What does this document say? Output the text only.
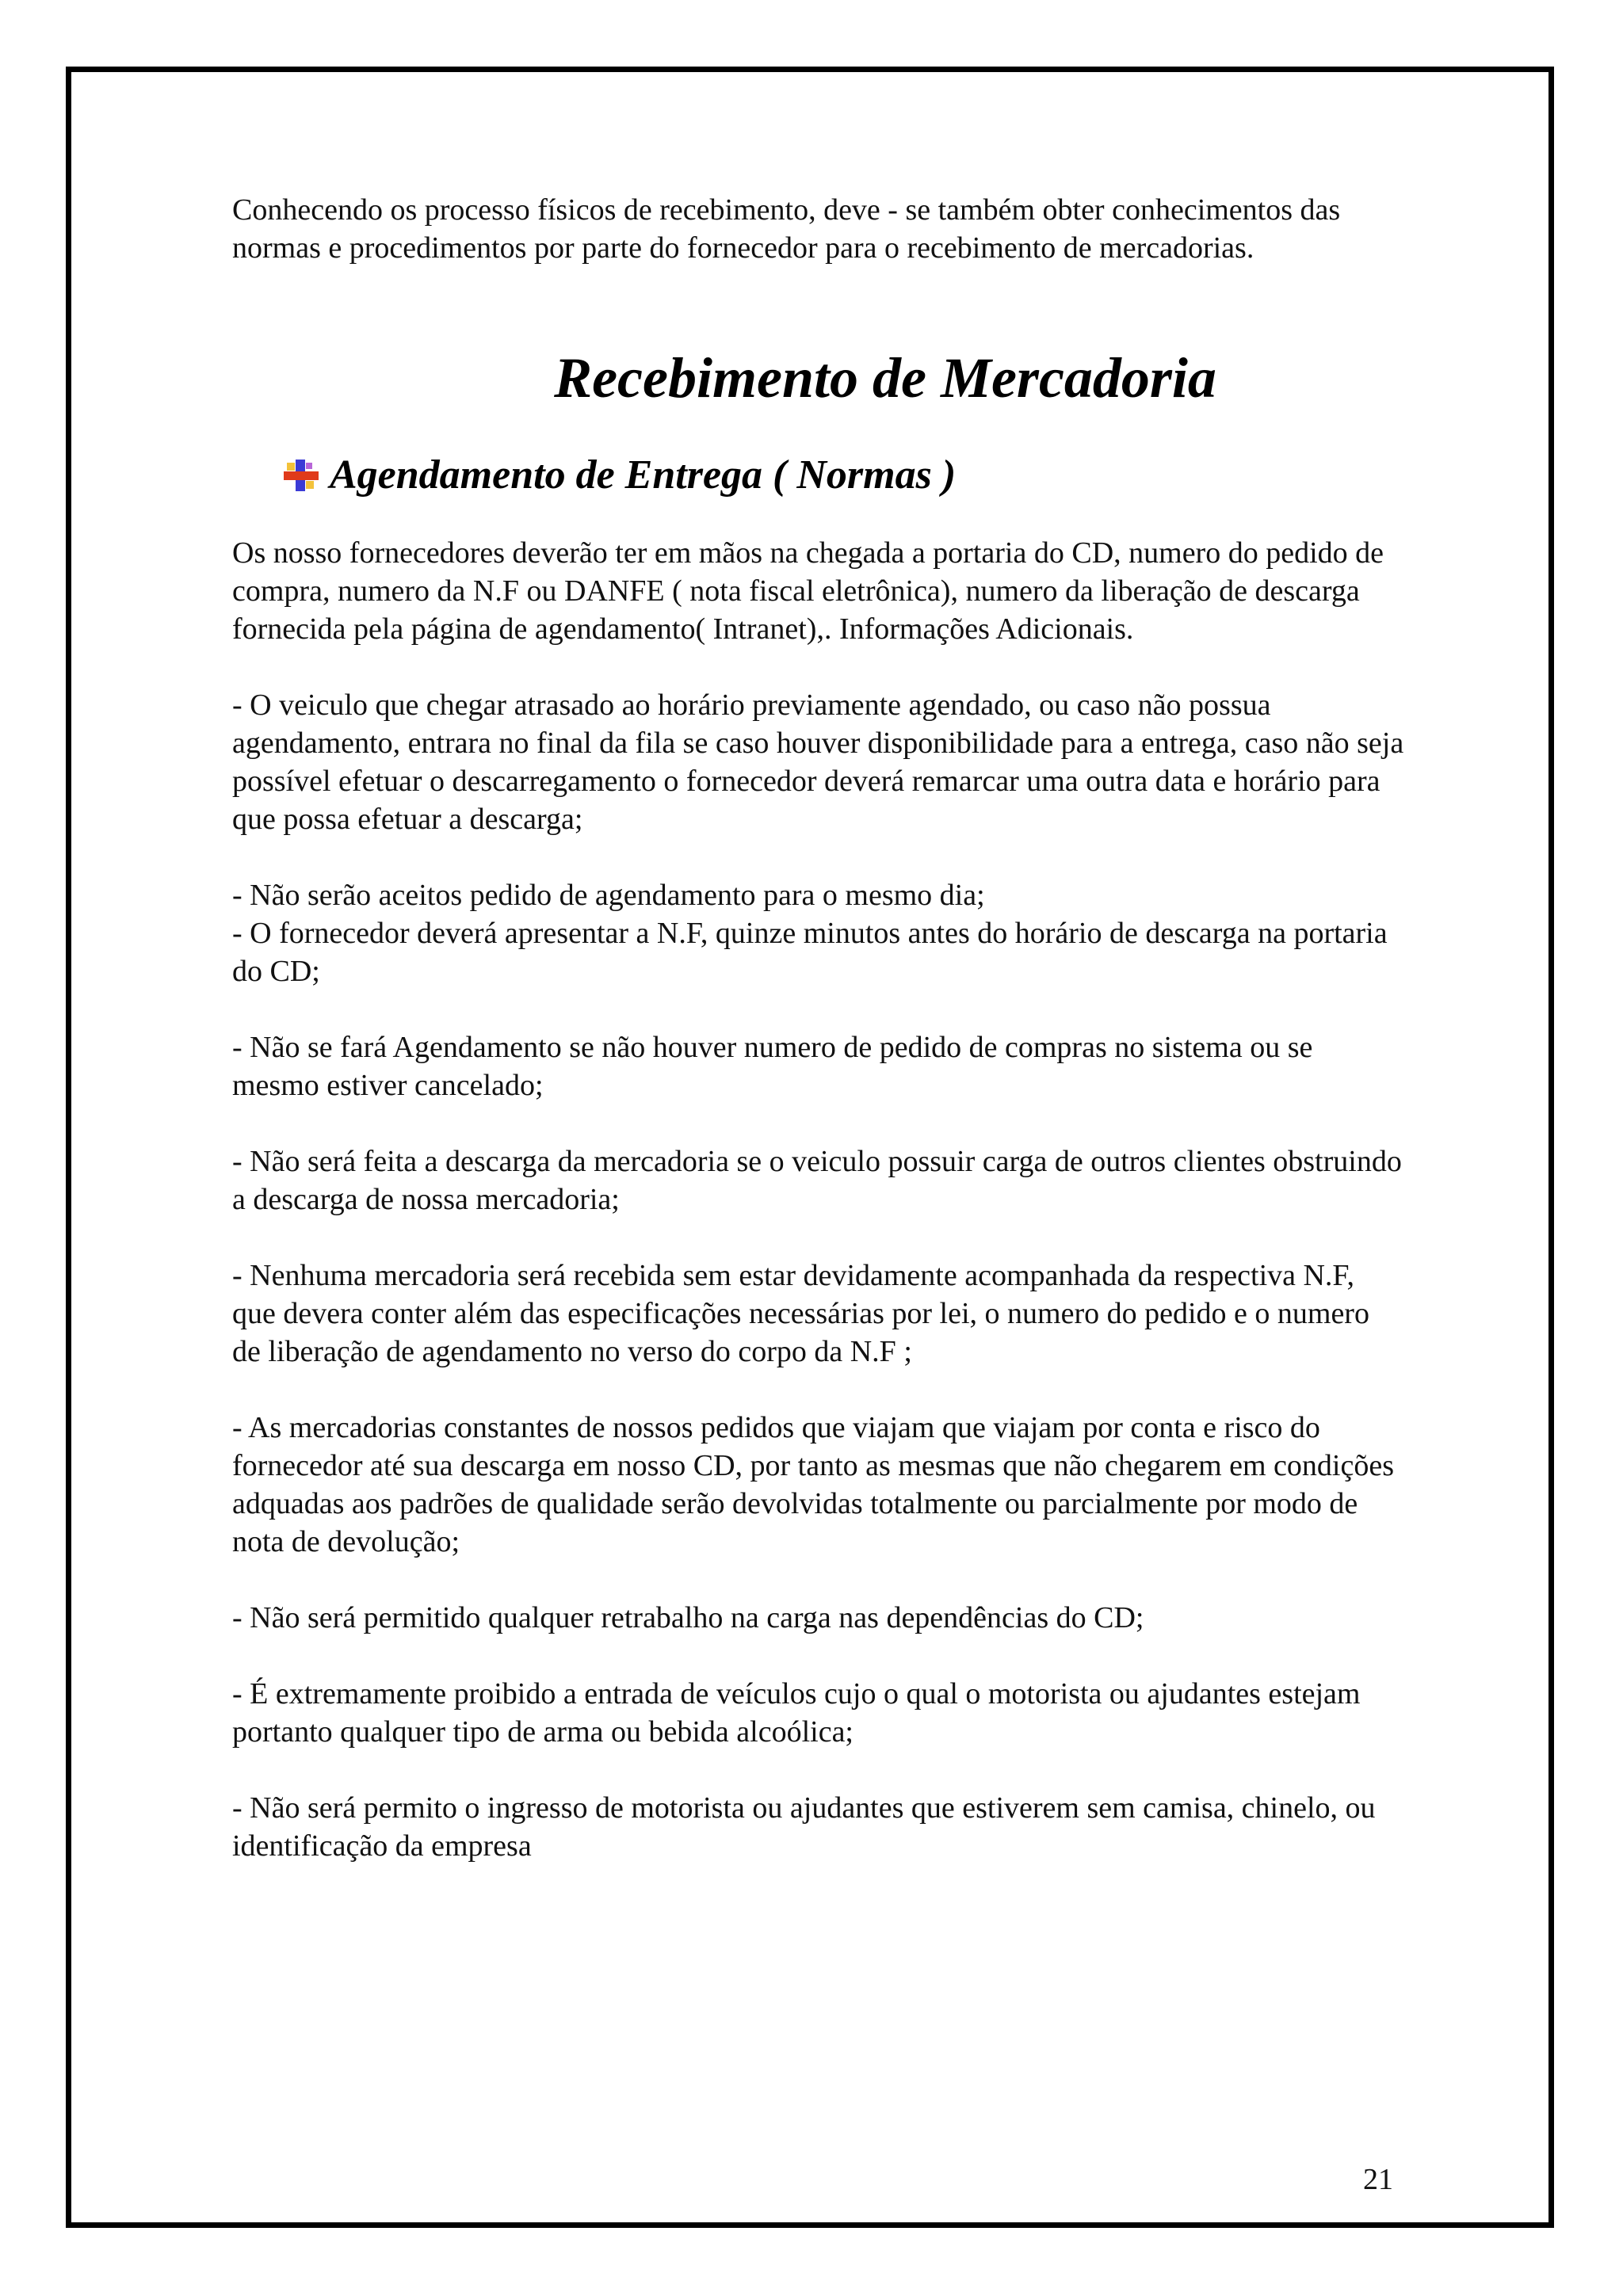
Conhecendo os processo físicos de recebimento, deve - se também obter conhecimentos das normas e procedimentos por parte do fornecedor para o recebimento de mercadorias.

Recebimento de Mercadoria
Agendamento de Entrega ( Normas )

Os nosso fornecedores deverão ter em mãos na chegada a portaria do CD, numero do pedido de compra, numero da N.F ou DANFE ( nota fiscal eletrônica), numero da liberação de descarga fornecida pela página de agendamento( Intranet),. Informações Adicionais.

- O veiculo que chegar atrasado ao horário previamente agendado, ou caso não possua agendamento, entrara no final da fila se caso houver disponibilidade para a entrega, caso não seja possível efetuar o descarregamento o fornecedor deverá remarcar uma outra data e horário para que possa efetuar a descarga;

- Não serão aceitos pedido de agendamento para o mesmo dia;

- O fornecedor deverá apresentar a N.F, quinze minutos antes do horário de descarga na portaria do CD;

- Não se fará Agendamento se não houver numero de pedido de compras no sistema ou se mesmo estiver cancelado;

- Não será feita a descarga da mercadoria se o veiculo possuir carga de outros clientes obstruindo a descarga de nossa mercadoria;

- Nenhuma mercadoria será recebida sem estar devidamente acompanhada da respectiva N.F, que devera conter além das especificações necessárias por lei, o numero do pedido e o numero de liberação de agendamento no verso do corpo da N.F ;

- As mercadorias constantes de nossos pedidos que viajam que viajam por conta e risco do fornecedor até sua descarga em nosso CD, por tanto as mesmas que não chegarem em condições adquadas aos padrões de qualidade serão devolvidas totalmente ou parcialmente por modo de nota de devolução;

- Não será permitido qualquer retrabalho na carga nas dependências do CD;

- É extremamente proibido a entrada de veículos cujo o qual o motorista ou ajudantes estejam portanto qualquer tipo de arma ou bebida alcoólica;

- Não será permito o ingresso de motorista ou ajudantes que estiverem sem camisa, chinelo, ou identificação da empresa

21
